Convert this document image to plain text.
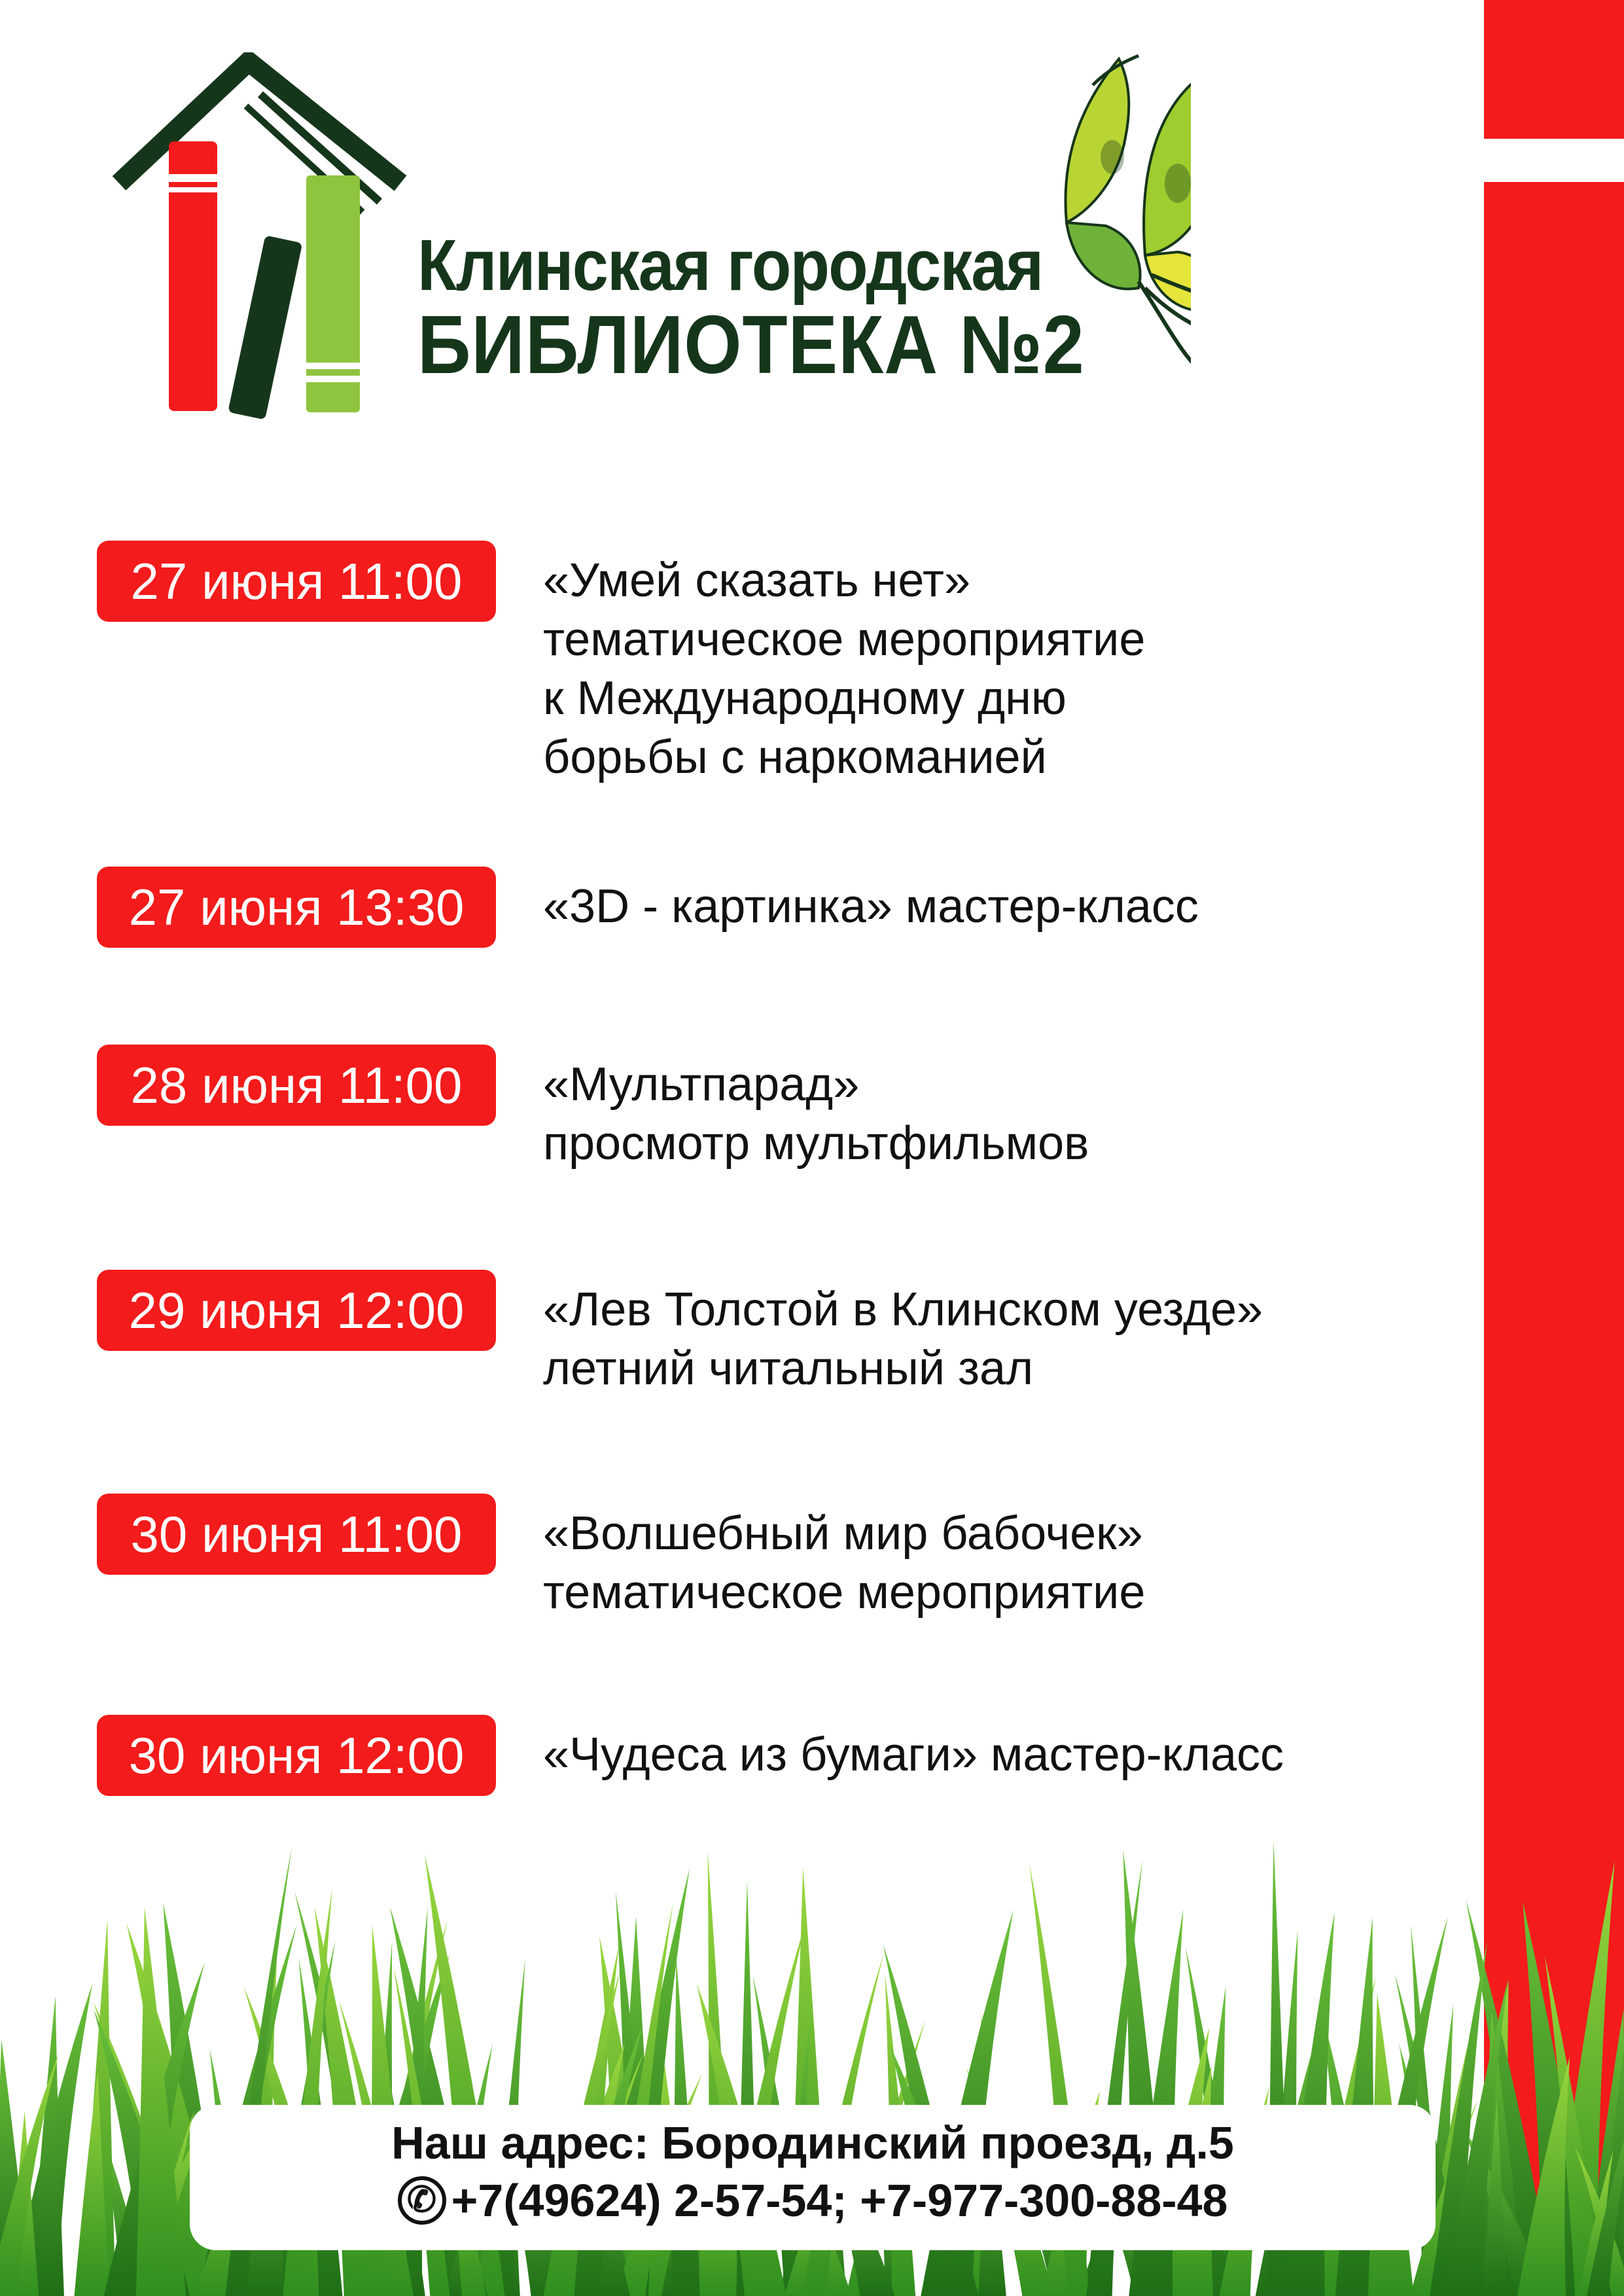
Клинская городская
БИБЛИОТЕКА №2
27 июня 11:00	«Умей сказать нет»
тематическое мероприятие
к Международному дню
борьбы с наркоманией
27 июня 13:30	«3D - картинка» мастер-класс
28 июня 11:00	«Мультпарад»
просмотр мультфильмов
29 июня 12:00	«Лев Толстой в Клинском уезде»
летний читальный зал
30 июня 11:00	«Волшебный мир бабочек»
тематическое мероприятие
30 июня 12:00	«Чудеса из бумаги» мастер-класс
Наш адрес: Бородинский проезд, д.5
✆ +7(49624) 2-57-54; +7-977-300-88-48
